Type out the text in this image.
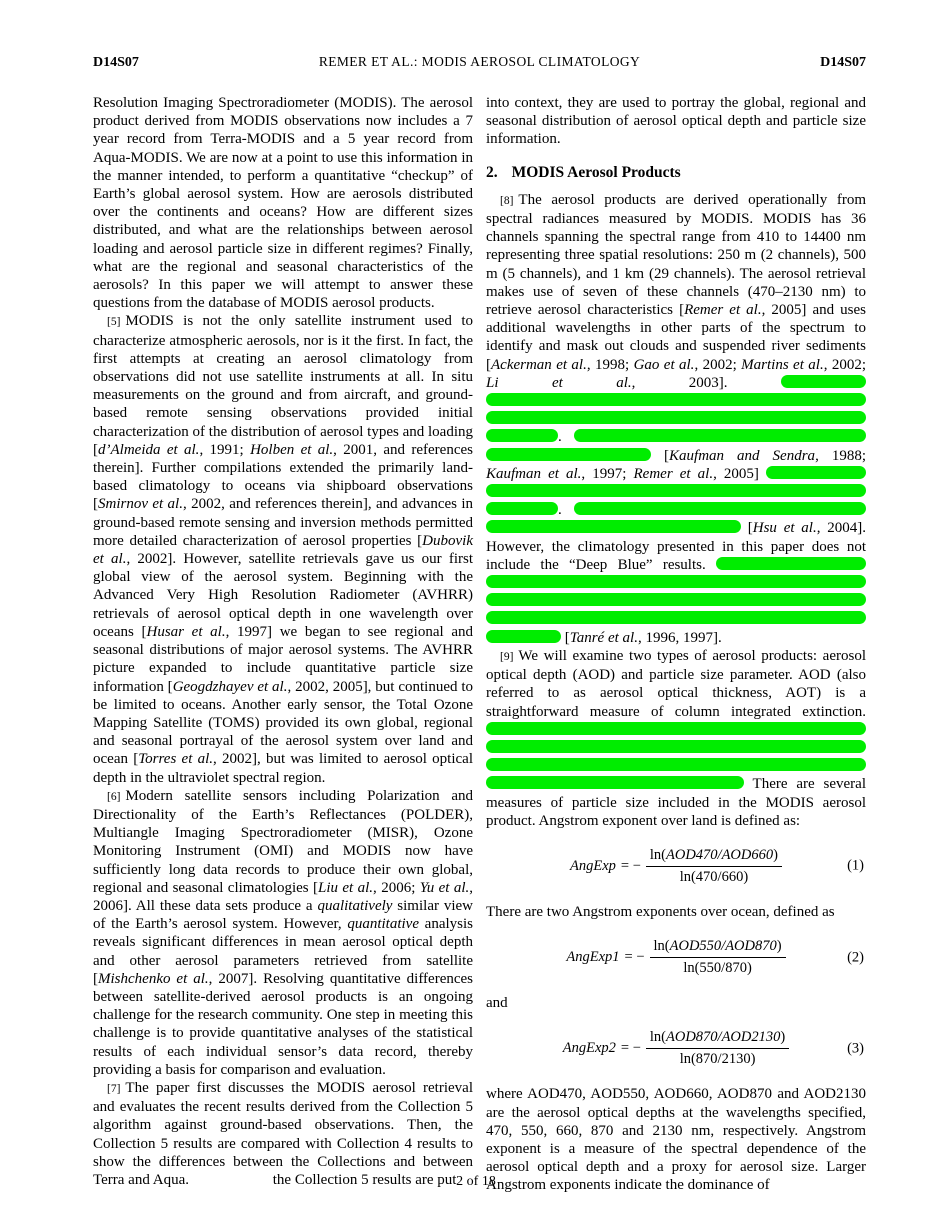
D14S07	REMER ET AL.: MODIS AEROSOL CLIMATOLOGY	D14S07

Resolution Imaging Spectroradiometer (MODIS). The aerosol product derived from MODIS observations now includes a 7 year record from Terra-MODIS and a 5 year record from Aqua-MODIS. We are now at a point to use this information in the manner intended, to perform a quantitative “checkup” of Earth’s global aerosol system. How are aerosols distributed over the continents and oceans? How are different sizes distributed, and what are the relationships between aerosol loading and aerosol particle size in different regimes? Finally, what are the regional and seasonal characteristics of the aerosols? In this paper we will attempt to answer these questions from the database of MODIS aerosol products.

[5] MODIS is not the only satellite instrument used to characterize atmospheric aerosols, nor is it the first. In fact, the first attempts at creating an aerosol climatology from observations did not use satellite instruments at all. In situ measurements on the ground and from aircraft, and ground-based remote sensing observations provided initial characterization of the distribution of aerosol types and loading [d’Almeida et al., 1991; Holben et al., 2001, and references therein]. Further compilations extended the primarily land-based climatology to oceans via shipboard observations [Smirnov et al., 2002, and references therein], and advances in ground-based remote sensing and inversion methods permitted more detailed characterization of aerosol properties [Dubovik et al., 2002]. However, satellite retrievals gave us our first global view of the aerosol system. Beginning with the Advanced Very High Resolution Radiometer (AVHRR) retrievals of aerosol optical depth in one wavelength over oceans [Husar et al., 1997] we began to see regional and seasonal distributions of major aerosol systems. The AVHRR picture expanded to include quantitative particle size information [Geogdzhayev et al., 2002, 2005], but continued to be limited to oceans. Another early sensor, the Total Ozone Mapping Satellite (TOMS) provided its own global, regional and seasonal portrayal of the aerosol system over land and ocean [Torres et al., 2002], but was limited to aerosol optical depth in the ultraviolet spectral region.

[6] Modern satellite sensors including Polarization and Directionality of the Earth’s Reflectances (POLDER), Multiangle Imaging Spectroradiometer (MISR), Ozone Monitoring Instrument (OMI) and MODIS now have sufficiently long data records to produce their own global, regional and seasonal climatologies [Liu et al., 2006; Yu et al., 2006]. All these data sets produce a qualitatively similar view of the Earth’s aerosol system. However, quantitative analysis reveals significant differences in mean aerosol optical depth and other aerosol parameters retrieved from satellite [Mishchenko et al., 2007]. Resolving quantitative differences between satellite-derived aerosol products is an ongoing challenge for the research community. One step in meeting this challenge is to provide quantitative analyses of the statistical results of each individual sensor’s data record, thereby providing a basis for comparison and evaluation.

[7] The paper first discusses the MODIS aerosol retrieval and evaluates the recent results derived from the Collection 5 algorithm against ground-based observations. Then, the Collection 5 results are compared with Collection 4 results to show the differences between the Collections and between Terra and Aqua.	the Collection 5 results are put

into context, they are used to portray the global, regional and seasonal distribution of aerosol optical depth and particle size information.

2. MODIS Aerosol Products

[8] The aerosol products are derived operationally from spectral radiances measured by MODIS. MODIS has 36 channels spanning the spectral range from 410 to 14400 nm representing three spatial resolutions: 250 m (2 channels), 500 m (5 channels), and 1 km (29 channels). The aerosol retrieval makes use of seven of these channels (470–2130 nm) to retrieve aerosol characteristics [Remer et al., 2005] and uses additional wavelengths in other parts of the spectrum to identify and mask out clouds and suspended river sediments [Ackerman et al., 1998; Gao et al., 2002; Martins et al., 2002; Li et al., 2003]. .  [Kaufman and Sendra, 1988; Kaufman et al., 1997; Remer et al., 2005] .  [Hsu et al., 2004]. However, the climatology presented in this paper does not include the “Deep Blue” results.  [Tanré et al., 1996, 1997].

[9] We will examine two types of aerosol products: aerosol optical depth (AOD) and particle size parameter. AOD (also referred to as aerosol optical thickness, AOT) is a straightforward measure of column integrated extinction.  There are several measures of particle size included in the MODIS aerosol product. Angstrom exponent over land is defined as:

AngExp = − $\frac{\text{ln(AOD470/AOD660)}}{\ln(470/660)}$	(1)

There are two Angstrom exponents over ocean, defined as

AngExp1 = − $\frac{\text{ln(AOD550/AOD870)}}{\ln(550/870)}$	(2)

and

AngExp2 = − $\frac{\text{ln(AOD870/AOD2130)}}{\ln(870/2130)}$	(3)

where AOD470, AOD550, AOD660, AOD870 and AOD2130 are the aerosol optical depths at the wavelengths specified, 470, 550, 660, 870 and 2130 nm, respectively. Angstrom exponent is a measure of the spectral dependence of the aerosol optical depth and a proxy for aerosol size. Larger Angstrom exponents indicate the dominance of

2 of 18
